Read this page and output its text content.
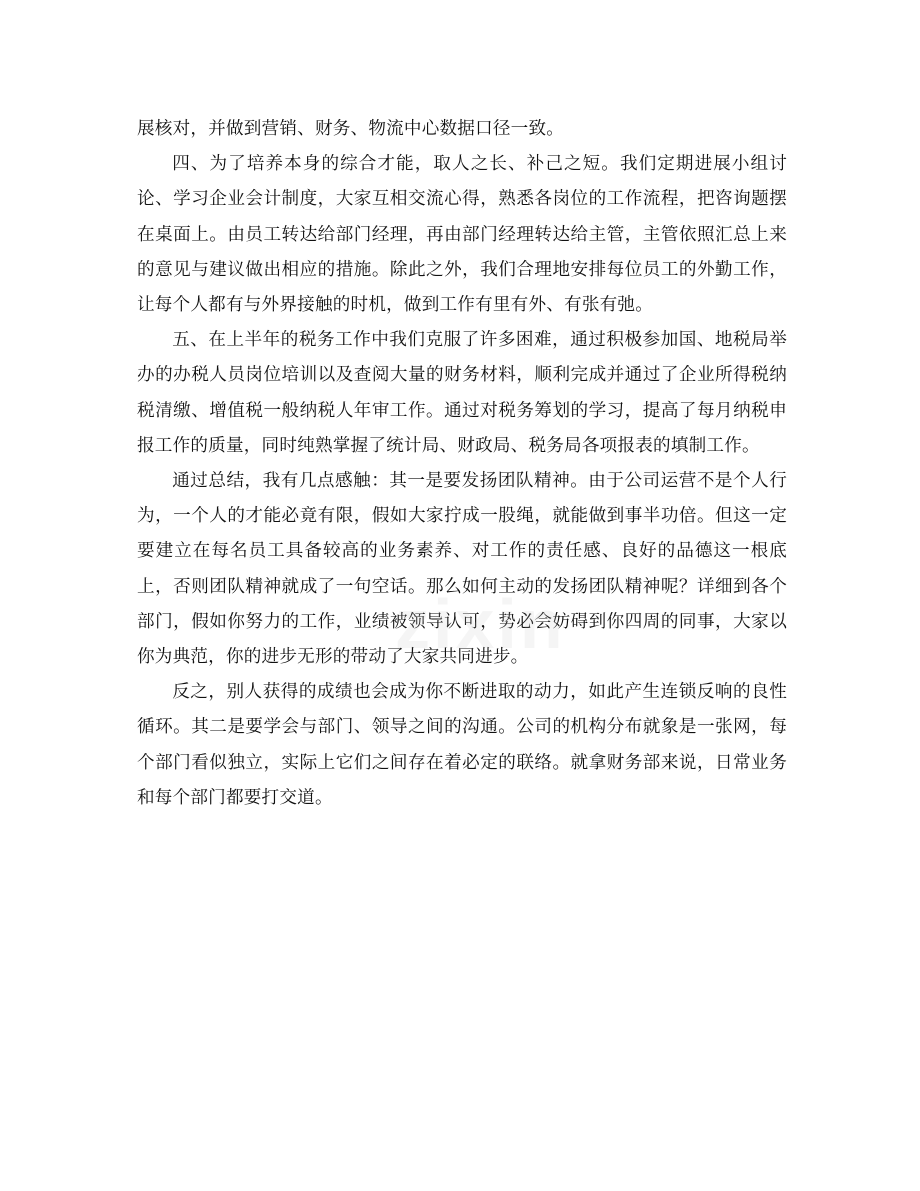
展核对，并做到营销、财务、物流中心数据口径一致。

四、为了培养本身的综合才能，取人之长、补己之短。我们定期进展小组讨论、学习企业会计制度，大家互相交流心得，熟悉各岗位的工作流程，把咨询题摆在桌面上。由员工转达给部门经理，再由部门经理转达给主管，主管依照汇总上来的意见与建议做出相应的措施。除此之外，我们合理地安排每位员工的外勤工作，让每个人都有与外界接触的时机，做到工作有里有外、有张有弛。

五、在上半年的税务工作中我们克服了许多困难，通过积极参加国、地税局举办的办税人员岗位培训以及查阅大量的财务材料，顺利完成并通过了企业所得税纳税清缴、增值税一般纳税人年审工作。通过对税务筹划的学习，提高了每月纳税申报工作的质量，同时纯熟掌握了统计局、财政局、税务局各项报表的填制工作。

通过总结，我有几点感触：其一是要发扬团队精神。由于公司运营不是个人行为，一个人的才能必竟有限，假如大家拧成一股绳，就能做到事半功倍。但这一定要建立在每名员工具备较高的业务素养、对工作的责任感、良好的品德这一根底上，否则团队精神就成了一句空话。那么如何主动的发扬团队精神呢？详细到各个部门，假如你努力的工作，业绩被领导认可，势必会妨碍到你四周的同事，大家以你为典范，你的进步无形的带动了大家共同进步。

反之，别人获得的成绩也会成为你不断进取的动力，如此产生连锁反响的良性循环。其二是要学会与部门、领导之间的沟通。公司的机构分布就象是一张网，每个部门看似独立，实际上它们之间存在着必定的联络。就拿财务部来说，日常业务和每个部门都要打交道。

zixin
